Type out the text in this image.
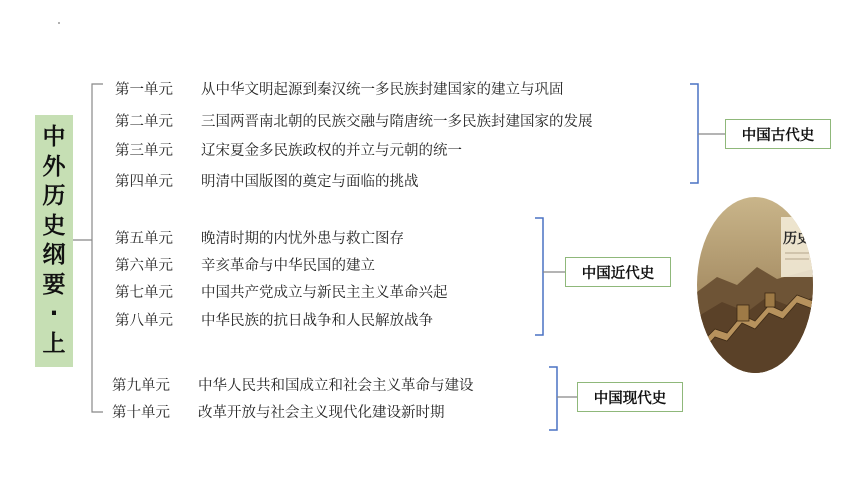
中
外
历
史
纲
要
·
上
第一单元 从中华文明起源到秦汉统一多民族封建国家的建立与巩固
第二单元 三国两晋南北朝的民族交融与隋唐统一多民族封建国家的发展
第三单元 辽宋夏金多民族政权的并立与元朝的统一
第四单元 明清中国版图的奠定与面临的挑战
第五单元 晚清时期的内忧外患与救亡图存
第六单元 辛亥革命与中华民国的建立
第七单元 中国共产党成立与新民主主义革命兴起
第八单元 中华民族的抗日战争和人民解放战争
第九单元 中华人民共和国成立和社会主义革命与建设
第十单元 改革开放与社会主义现代化建设新时期
中国古代史
中国近代史
中国现代史
历史
